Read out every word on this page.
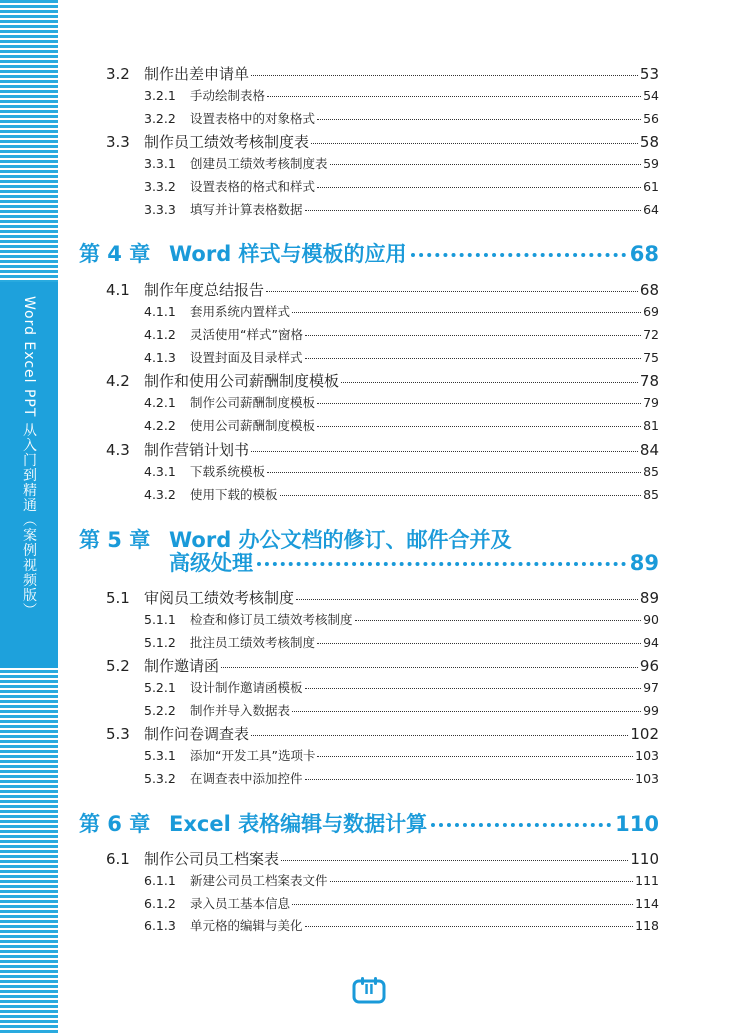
Word Excel PPT 从入门到精通（案例视频版）
3.2 制作出差申请单	53
3.2.1	手动绘制表格	54
3.2.2	设置表格中的对象格式	56
3.3 制作员工绩效考核制度表	58
3.3.1	创建员工绩效考核制度表	59
3.3.2	设置表格的格式和样式	61
3.3.3	填写并计算表格数据	64
第 4 章 Word 样式与模板的应用	68
4.1 制作年度总结报告	68
4.1.1	套用系统内置样式	69
4.1.2	灵活使用“样式”窗格	72
4.1.3	设置封面及目录样式	75
4.2 制作和使用公司薪酬制度模板	78
4.2.1	制作公司薪酬制度模板	79
4.2.2	使用公司薪酬制度模板	81
4.3 制作营销计划书	84
4.3.1	下载系统模板	85
4.3.2	使用下载的模板	85
第 5 章 Word 办公文档的修订、邮件合并及
高级处理	89
5.1 审阅员工绩效考核制度	89
5.1.1	检查和修订员工绩效考核制度	90
5.1.2	批注员工绩效考核制度	94
5.2 制作邀请函	96
5.2.1	设计制作邀请函模板	97
5.2.2	制作并导入数据表	99
5.3 制作问卷调查表	102
5.3.1	添加“开发工具”选项卡	103
5.3.2	在调查表中添加控件	103
第 6 章 Excel 表格编辑与数据计算	110
6.1 制作公司员工档案表	110
6.1.1	新建公司员工档案表文件	111
6.1.2	录入员工基本信息	114
6.1.3	单元格的编辑与美化	118
II
